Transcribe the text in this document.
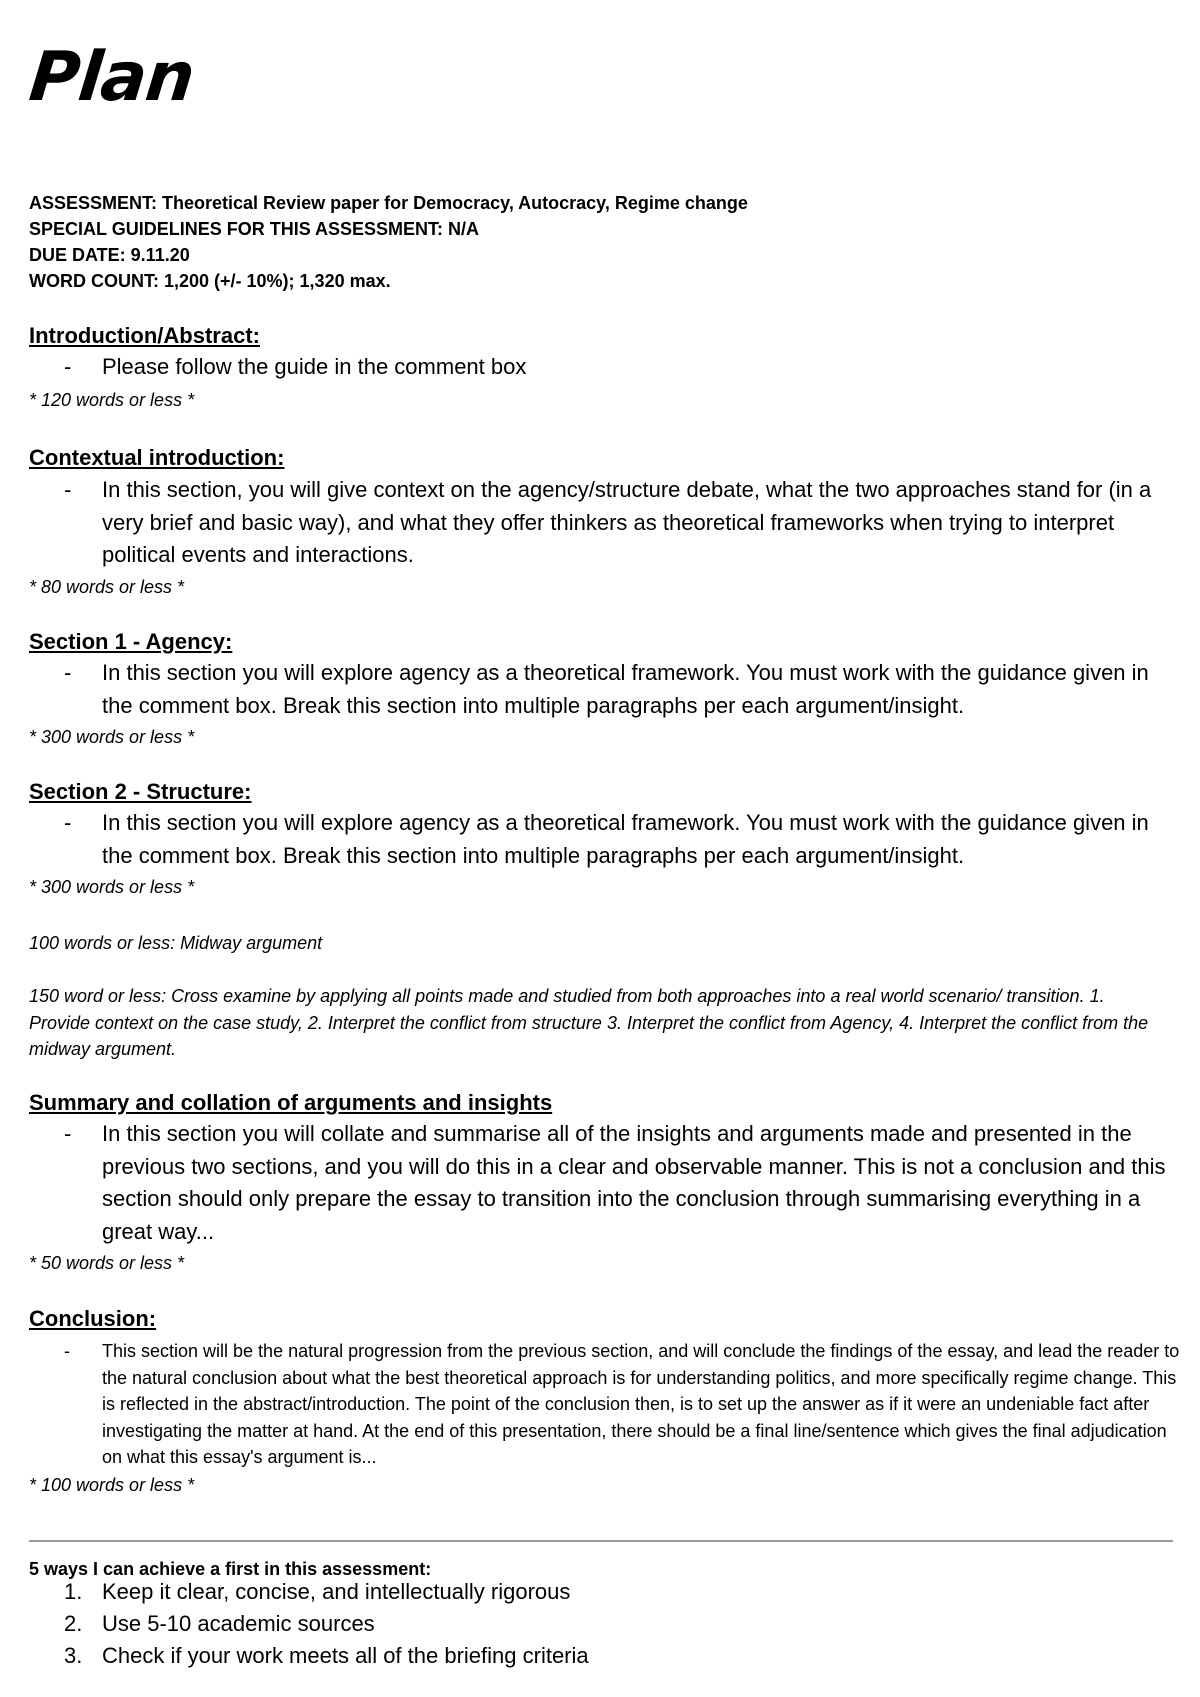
Plan
ASSESSMENT: Theoretical Review paper for Democracy, Autocracy, Regime change
SPECIAL GUIDELINES FOR THIS ASSESSMENT: N/A
DUE DATE: 9.11.20
WORD COUNT: 1,200 (+/- 10%); 1,320 max.
Introduction/Abstract:
-	Please follow the guide in the comment box
* 120 words or less *
Contextual introduction:
-	In this section, you will give context on the agency/structure debate, what the two approaches stand for (in a very brief and basic way), and what they offer thinkers as theoretical frameworks when trying to interpret political events and interactions.
* 80 words or less *
Section 1 - Agency:
-	In this section you will explore agency as a theoretical framework. You must work with the guidance given in the comment box. Break this section into multiple paragraphs per each argument/insight.
* 300 words or less *
Section 2 - Structure:
-	In this section you will explore agency as a theoretical framework. You must work with the guidance given in the comment box. Break this section into multiple paragraphs per each argument/insight.
* 300 words or less *
100 words or less: Midway argument
150 word or less: Cross examine by applying all points made and studied from both approaches into a real world scenario/ transition. 1. Provide context on the case study, 2. Interpret the conflict from structure 3. Interpret the conflict from Agency, 4. Interpret the conflict from the midway argument.
Summary and collation of arguments and insights
-	In this section you will collate and summarise all of the insights and arguments made and presented in the previous two sections, and you will do this in a clear and observable manner. This is not a conclusion and this section should only prepare the essay to transition into the conclusion through summarising everything in a great way...
* 50 words or less *
Conclusion:
-	This section will be the natural progression from the previous section, and will conclude the findings of the essay, and lead the reader to the natural conclusion about what the best theoretical approach is for understanding politics, and more specifically regime change. This is reflected in the abstract/introduction. The point of the conclusion then, is to set up the answer as if it were an undeniable fact after investigating the matter at hand. At the end of this presentation, there should be a final line/sentence which gives the final adjudication on what this essay's argument is...
* 100 words or less *
5 ways I can achieve a first in this assessment:
1. Keep it clear, concise, and intellectually rigorous
2. Use 5-10 academic sources
3. Check if your work meets all of the briefing criteria
